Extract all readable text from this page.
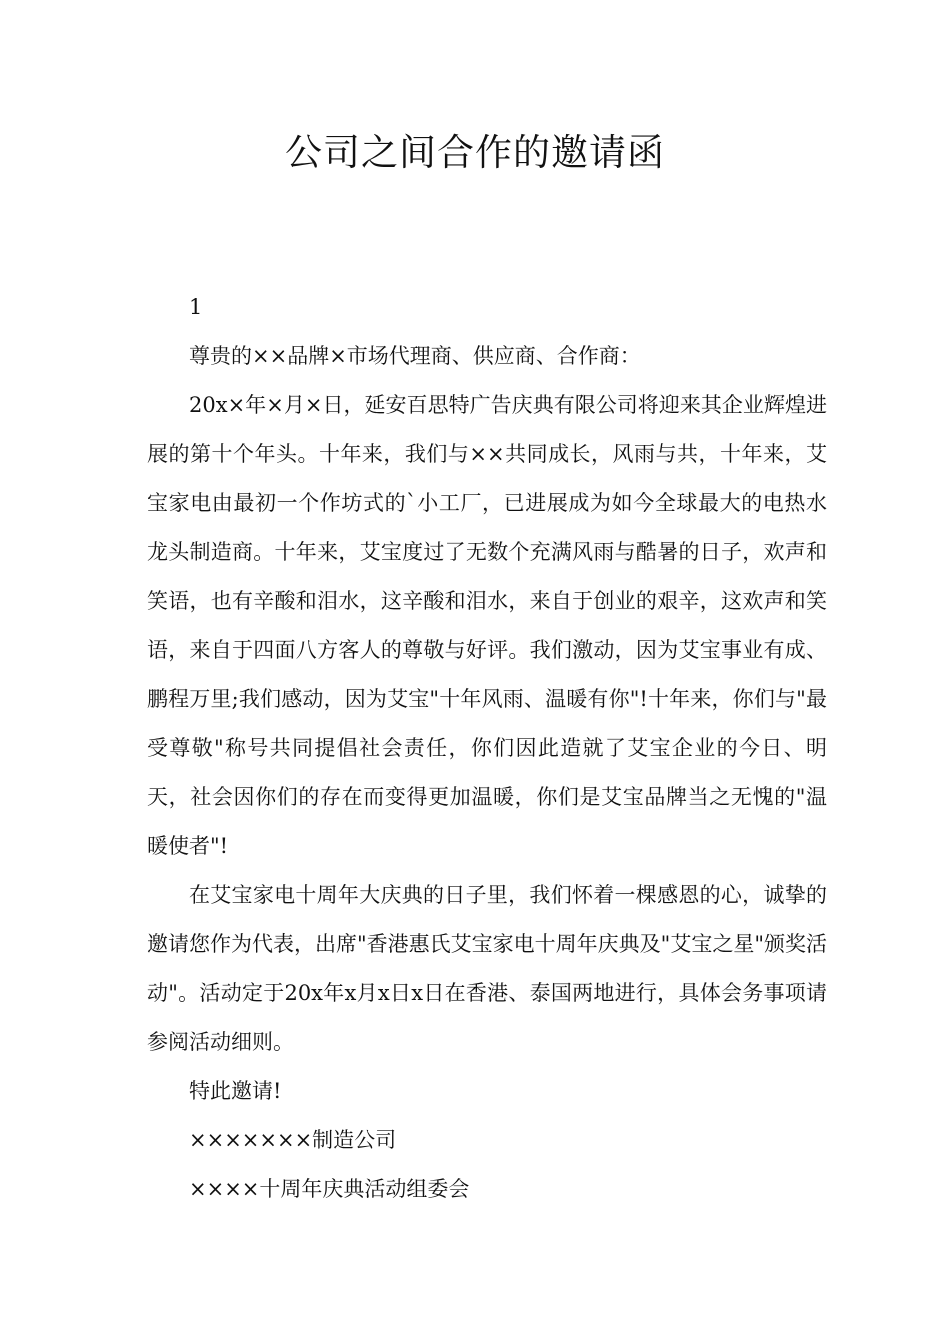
公司之间合作的邀请函

1

尊贵的××品牌×市场代理商、供应商、合作商：

20x×年×月×日，延安百思特广告庆典有限公司将迎来其企业辉煌进展的第十个年头。十年来，我们与××共同成长，风雨与共，十年来，艾宝家电由最初一个作坊式的`小工厂，已进展成为如今全球最大的电热水龙头制造商。十年来，艾宝度过了无数个充满风雨与酷暑的日子，欢声和笑语，也有辛酸和泪水，这辛酸和泪水，来自于创业的艰辛，这欢声和笑语，来自于四面八方客人的尊敬与好评。我们激动，因为艾宝事业有成、鹏程万里;我们感动，因为艾宝"十年风雨、温暖有你"!十年来，你们与"最受尊敬"称号共同提倡社会责任，你们因此造就了艾宝企业的今日、明天，社会因你们的存在而变得更加温暖，你们是艾宝品牌当之无愧的"温暖使者"!

在艾宝家电十周年大庆典的日子里，我们怀着一棵感恩的心，诚挚的邀请您作为代表，出席"香港惠氏艾宝家电十周年庆典及"艾宝之星"颁奖活动"。活动定于20x年x月x日x日在香港、泰国两地进行，具体会务事项请参阅活动细则。

特此邀请!

×××××××制造公司

××××十周年庆典活动组委会
